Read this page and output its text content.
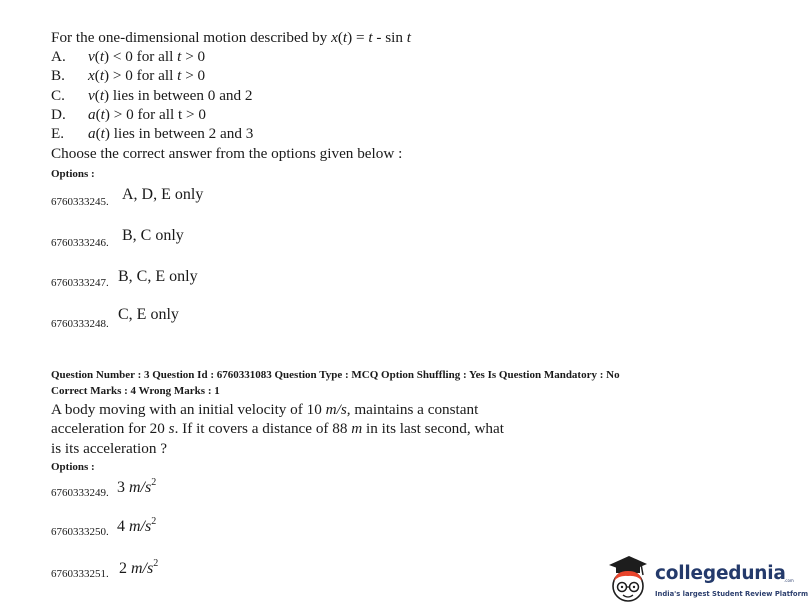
For the one-dimensional motion described by x(t) = t - sin t
A. v(t) < 0 for all t > 0
B. x(t) > 0 for all t > 0
C. v(t) lies in between 0 and 2
D. a(t) > 0 for all t > 0
E. a(t) lies in between 2 and 3
Choose the correct answer from the options given below :
Options :
6760333245. A, D, E only
6760333246. B, C only
6760333247. B, C, E only
6760333248.
C, E only
Question Number : 3 Question Id : 6760331083 Question Type : MCQ Option Shuffling : Yes Is Question Mandatory : No
Correct Marks : 4 Wrong Marks : 1
A body moving with an initial velocity of 10 m/s, maintains a constant
acceleration for 20 s. If it covers a distance of 88 m in its last second, what
is its acceleration ?
Options :
6760333249. 3 $m/s^2$
6760333250. 4 $m/s^2$
6760333251. 2 $m/s^2$	collegedunia
.com
India's largest Student Review Platform
